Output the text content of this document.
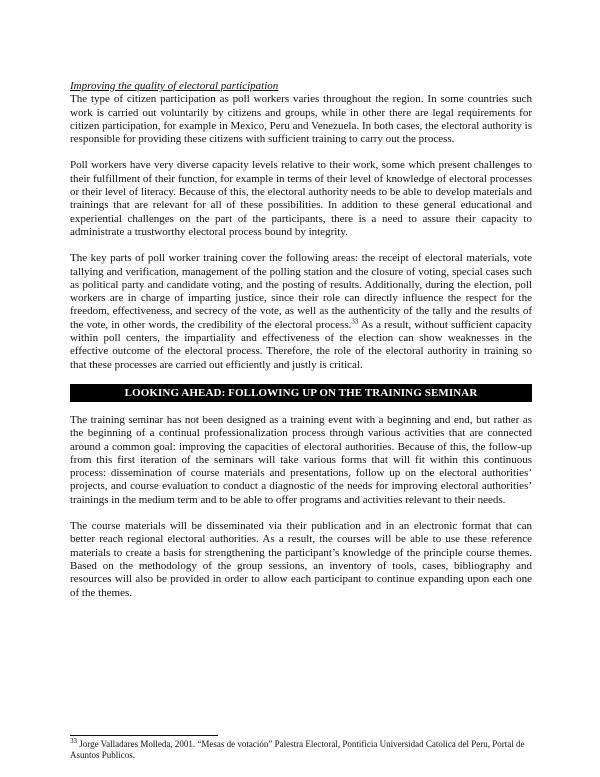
Improving the quality of electoral participation

The type of citizen participation as poll workers varies throughout the region. In some countries such work is carried out voluntarily by citizens and groups, while in other there are legal requirements for citizen participation, for example in Mexico, Peru and Venezuela. In both cases, the electoral authority is responsible for providing these citizens with sufficient training to carry out the process.

Poll workers have very diverse capacity levels relative to their work, some which present challenges to their fulfillment of their function, for example in terms of their level of knowledge of electoral processes or their level of literacy. Because of this, the electoral authority needs to be able to develop materials and trainings that are relevant for all of these possibilities. In addition to these general educational and experiential challenges on the part of the participants, there is a need to assure their capacity to administrate a trustworthy electoral process bound by integrity.

The key parts of poll worker training cover the following areas: the receipt of electoral materials, vote tallying and verification, management of the polling station and the closure of voting, special cases such as political party and candidate voting, and the posting of results. Additionally, during the election, poll workers are in charge of imparting justice, since their role can directly influence the respect for the freedom, effectiveness, and secrecy of the vote, as well as the authenticity of the tally and the results of the vote, in other words, the credibility of the electoral process.$^{33}$ As a result, without sufficient capacity within poll centers, the impartiality and effectiveness of the election can show weaknesses in the effective outcome of the electoral process. Therefore, the role of the electoral authority in training so that these processes are carried out efficiently and justly is critical.

LOOKING AHEAD: FOLLOWING UP ON THE TRAINING SEMINAR

The training seminar has not been designed as a training event with a beginning and end, but rather as the beginning of a continual professionalization process through various activities that are connected around a common goal: improving the capacities of electoral authorities. Because of this, the follow-up from this first iteration of the seminars will take various forms that will fit within this continuous process: dissemination of course materials and presentations, follow up on the electoral authorities’ projects, and course evaluation to conduct a diagnostic of the needs for improving electoral authorities’ trainings in the medium term and to be able to offer programs and activities relevant to their needs.

The course materials will be disseminated via their publication and in an electronic format that can better reach regional electoral authorities. As a result, the courses will be able to use these reference materials to create a basis for strengthening the participant’s knowledge of the principle course themes. Based on the methodology of the group sessions, an inventory of tools, cases, bibliography and resources will also be provided in order to allow each participant to continue expanding upon each one of the themes.

$^{33}$ Jorge Valladares Molleda, 2001. “Mesas de votación” Palestra Electoral, Pontificia Universidad Catolica del Peru, Portal de Asuntos Publicos.
